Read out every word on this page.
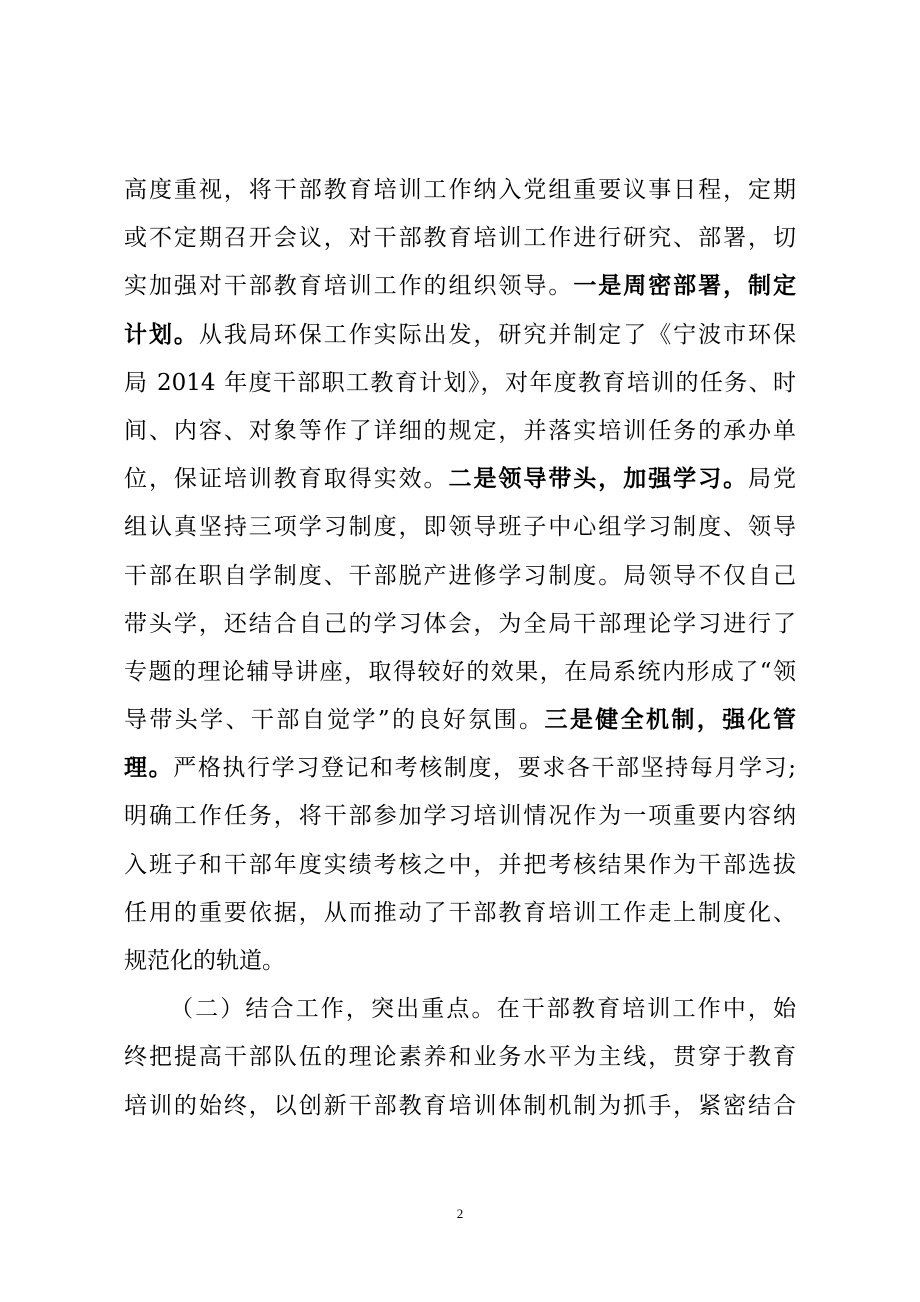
高度重视，将干部教育培训工作纳入党组重要议事日程，定期
或不定期召开会议，对干部教育培训工作进行研究、部署，切
实加强对干部教育培训工作的组织领导。一是周密部署，制定
计划。从我局环保工作实际出发，研究并制定了《宁波市环保
局 2014 年度干部职工教育计划》，对年度教育培训的任务、时
间、内容、对象等作了详细的规定，并落实培训任务的承办单
位，保证培训教育取得实效。二是领导带头，加强学习。局党
组认真坚持三项学习制度，即领导班子中心组学习制度、领导
干部在职自学制度、干部脱产进修学习制度。局领导不仅自己
带头学，还结合自己的学习体会，为全局干部理论学习进行了
专题的理论辅导讲座，取得较好的效果，在局系统内形成了“领
导带头学、干部自觉学”的良好氛围。三是健全机制，强化管
理。严格执行学习登记和考核制度，要求各干部坚持每月学习;
明确工作任务，将干部参加学习培训情况作为一项重要内容纳
入班子和干部年度实绩考核之中，并把考核结果作为干部选拔
任用的重要依据，从而推动了干部教育培训工作走上制度化、
规范化的轨道。
（二）结合工作，突出重点。在干部教育培训工作中，始
终把提高干部队伍的理论素养和业务水平为主线，贯穿于教育
培训的始终，以创新干部教育培训体制机制为抓手，紧密结合
2
